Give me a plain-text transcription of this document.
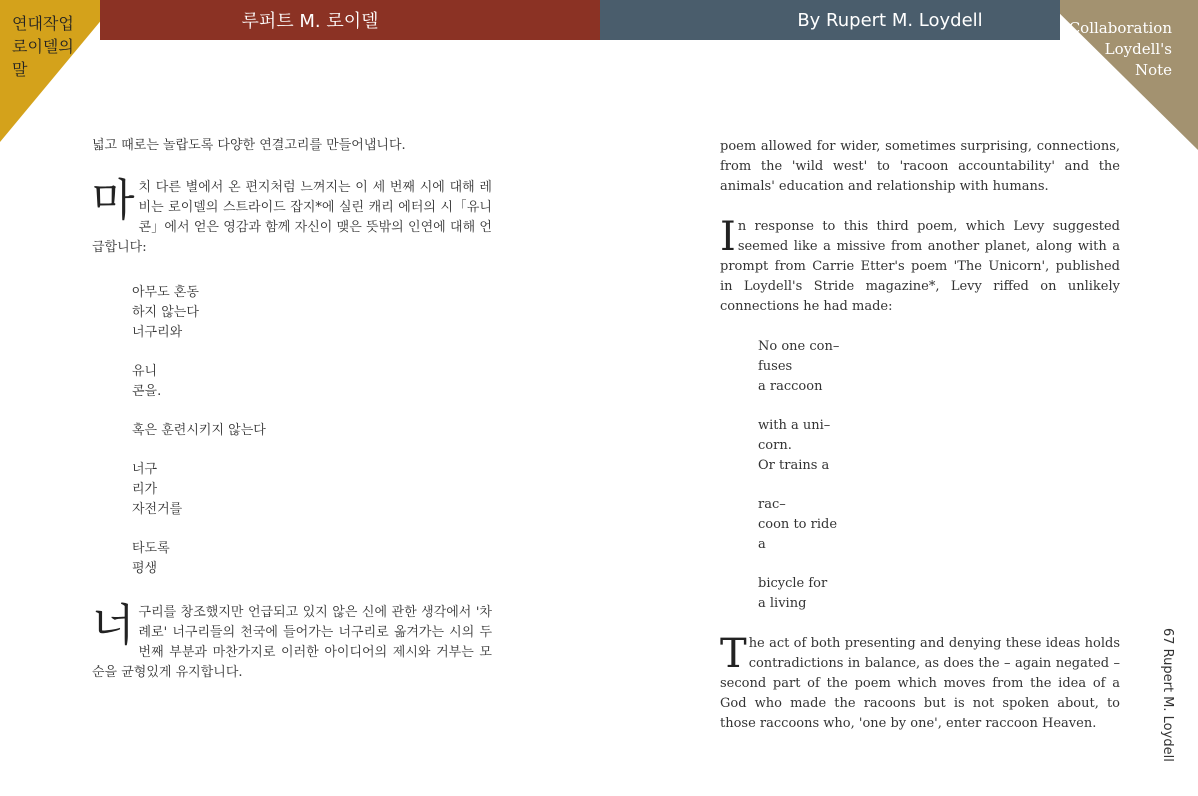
루퍼트 M. 로이델	By Rupert M. Loydell
연대작업
로이델의
말
Collaboration
Loydell's
Note

넓고 때로는 놀랍도록 다양한 연결고리를 만들어냅니다.

마치 다른 별에서 온 편지처럼 느껴지는 이 세 번째 시에 대해 레비는 로이델의 스트라이드 잡지*에 실린 캐리 에터의 시「유니콘」에서 얻은 영감과 함께 자신이 맺은 뜻밖의 인연에 대해 언급합니다:

아무도 혼동
하지 않는다
너구리와
유니
콘을.
혹은 훈련시키지 않는다
너구
리가
자전거를
타도록
평생

너구리를 창조했지만 언급되고 있지 않은 신에 관한 생각에서 '차례로' 너구리들의 천국에 들어가는 너구리로 옮겨가는 시의 두 번째 부분과 마찬가지로 이러한 아이디어의 제시와 거부는 모순을 균형있게 유지합니다.

poem allowed for wider, sometimes surprising, connections, from the 'wild west' to 'racoon accountability' and the animals' education and relationship with humans.

In response to this third poem, which Levy suggested seemed like a missive from another planet, along with a prompt from Carrie Etter's poem 'The Unicorn', published in Loydell's Stride magazine*, Levy riffed on unlikely connections he had made:

No one con–
fuses
a raccoon
with a uni–
corn.
Or trains a
rac–
coon to ride
a
bicycle for
a living

The act of both presenting and denying these ideas holds contradictions in balance, as does the – again negated – second part of the poem which moves from the idea of a God who made the racoons but is not spoken about, to those raccoons who, 'one by one', enter raccoon Heaven.	67 Rupert M. Loydell
